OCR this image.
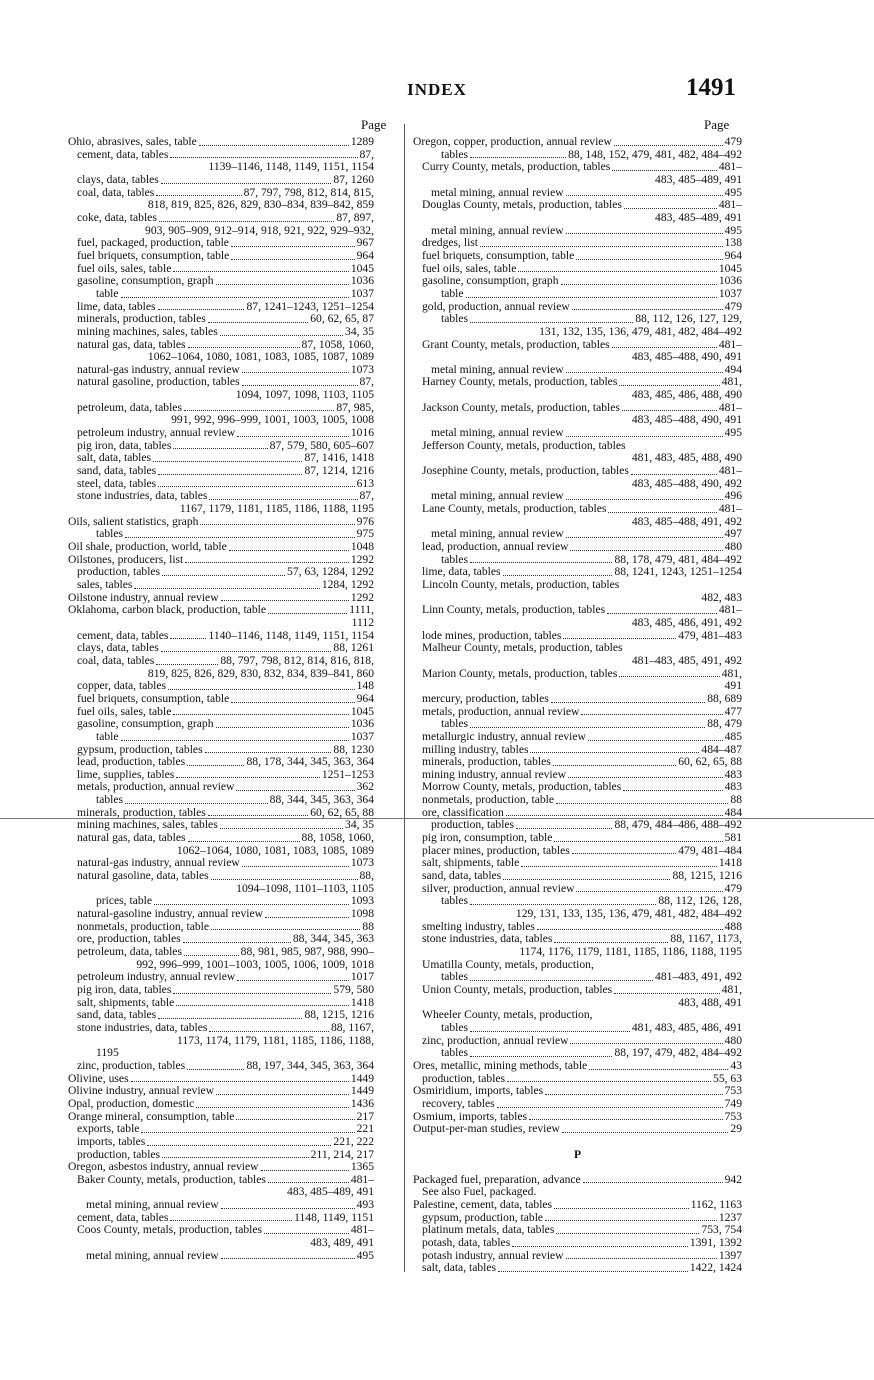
INDEX	1491
Page	Page
Ohio, abrasives, sales, table	1289
cement, data, tables	87,
1139–1146, 1148, 1149, 1151, 1154
clays, data, tables	87, 1260
coal, data, tables	87, 797, 798, 812, 814, 815,
818, 819, 825, 826, 829, 830–834, 839–842, 859
coke, data, tables	87, 897,
903, 905–909, 912–914, 918, 921, 922, 929–932,
fuel, packaged, production, table	967
fuel briquets, consumption, table	964
fuel oils, sales, table	1045
gasoline, consumption, graph	1036
table	1037
lime, data, tables	87, 1241–1243, 1251–1254
minerals, production, tables	60, 62, 65, 87
mining machines, sales, tables	34, 35
natural gas, data, tables	87, 1058, 1060,
1062–1064, 1080, 1081, 1083, 1085, 1087, 1089
natural-gas industry, annual review	1073
natural gasoline, production, tables	87,
1094, 1097, 1098, 1103, 1105
petroleum, data, tables	87, 985,
991, 992, 996–999, 1001, 1003, 1005, 1008
petroleum industry, annual review	1016
pig iron, data, tables	87, 579, 580, 605–607
salt, data, tables	87, 1416, 1418
sand, data, tables	87, 1214, 1216
steel, data, tables	613
stone industries, data, tables	87,
1167, 1179, 1181, 1185, 1186, 1188, 1195
Oils, salient statistics, graph	976
tables	975
Oil shale, production, world, table	1048
Oilstones, producers, list	1292
production, tables	57, 63, 1284, 1292
sales, tables	1284, 1292
Oilstone industry, annual review	1292
Oklahoma, carbon black, production, table	1111,
1112
cement, data, tables	1140–1146, 1148, 1149, 1151, 1154
clays, data, tables	88, 1261
coal, data, tables	88, 797, 798, 812, 814, 816, 818,
819, 825, 826, 829, 830, 832, 834, 839–841, 860
copper, data, tables	148
fuel briquets, consumption, table	964
fuel oils, sales, table	1045
gasoline, consumption, graph	1036
table	1037
gypsum, production, tables	88, 1230
lead, production, tables	88, 178, 344, 345, 363, 364
lime, supplies, tables	1251–1253
metals, production, annual review	362
tables	88, 344, 345, 363, 364
minerals, production, tables	60, 62, 65, 88
mining machines, sales, tables	34, 35
natural gas, data, tables	88, 1058, 1060,
1062–1064, 1080, 1081, 1083, 1085, 1089
natural-gas industry, annual review	1073
natural gasoline, data, tables	88,
1094–1098, 1101–1103, 1105
prices, table	1093
natural-gasoline industry, annual review	1098
nonmetals, production, table	88
ore, production, tables	88, 344, 345, 363
petroleum, data, tables	88, 981, 985, 987, 988, 990–
992, 996–999, 1001–1003, 1005, 1006, 1009, 1018
petroleum industry, annual review	1017
pig iron, data, tables	579, 580
salt, shipments, table	1418
sand, data, tables	88, 1215, 1216
stone industries, data, tables	88, 1167,
1173, 1174, 1179, 1181, 1185, 1186, 1188,
1195
zinc, production, tables	88, 197, 344, 345, 363, 364
Olivine, uses	1449
Olivine industry, annual review	1449
Opal, production, domestic	1436
Orange mineral, consumption, table	217
exports, table	221
imports, tables	221, 222
production, tables	211, 214, 217
Oregon, asbestos industry, annual review	1365
Baker County, metals, production, tables	481–
483, 485–489, 491
metal mining, annual review	493
cement, data, tables	1148, 1149, 1151
Coos County, metals, production, tables	481–
483, 489, 491
metal mining, annual review	495
Oregon, copper, production, annual review	479
tables	88, 148, 152, 479, 481, 482, 484–492
Curry County, metals, production, tables	481–
483, 485–489, 491
metal mining, annual review	495
Douglas County, metals, production, tables	481–
483, 485–489, 491
metal mining, annual review	495
dredges, list	138
fuel briquets, consumption, table	964
fuel oils, sales, table	1045
gasoline, consumption, graph	1036
table	1037
gold, production, annual review	479
tables	88, 112, 126, 127, 129,
131, 132, 135, 136, 479, 481, 482, 484–492
Grant County, metals, production, tables	481–
483, 485–488, 490, 491
metal mining, annual review	494
Harney County, metals, production, tables	481,
483, 485, 486, 488, 490
Jackson County, metals, production, tables	481–
483, 485–488, 490, 491
metal mining, annual review	495
Jefferson County, metals, production, tables
481, 483, 485, 488, 490
Josephine County, metals, production, tables	481–
483, 485–488, 490, 492
metal mining, annual review	496
Lane County, metals, production, tables	481–
483, 485–488, 491, 492
metal mining, annual review	497
lead, production, annual review	480
tables	88, 178, 479, 481, 484–492
lime, data, tables	88, 1241, 1243, 1251–1254
Lincoln County, metals, production, tables
482, 483
Linn County, metals, production, tables	481–
483, 485, 486, 491, 492
lode mines, production, tables	479, 481–483
Malheur County, metals, production, tables
481–483, 485, 491, 492
Marion County, metals, production, tables	481,
491
mercury, production, tables	88, 689
metals, production, annual review	477
tables	88, 479
metallurgic industry, annual review	485
milling industry, tables	484–487
minerals, production, tables	60, 62, 65, 88
mining industry, annual review	483
Morrow County, metals, production, tables	483
nonmetals, production, table	88
ore, classification	484
production, tables	88, 479, 484–486, 488–492
pig iron, consumption, table	581
placer mines, production, tables	479, 481–484
salt, shipments, table	1418
sand, data, tables	88, 1215, 1216
silver, production, annual review	479
tables	88, 112, 126, 128,
129, 131, 133, 135, 136, 479, 481, 482, 484–492
smelting industry, tables	488
stone industries, data, tables	88, 1167, 1173,
1174, 1176, 1179, 1181, 1185, 1186, 1188, 1195
Umatilla County, metals, production,
tables	481–483, 491, 492
Union County, metals, production, tables	481,
483, 488, 491
Wheeler County, metals, production,
tables	481, 483, 485, 486, 491
zinc, production, annual review	480
tables	88, 197, 479, 482, 484–492
Ores, metallic, mining methods, table	43
production, tables	55, 63
Osmiridium, imports, tables	753
recovery, tables	749
Osmium, imports, tables	753
Output-per-man studies, review	29
P
Packaged fuel, preparation, advance	942
See also Fuel, packaged.
Palestine, cement, data, tables	1162, 1163
gypsum, production, table	1237
platinum metals, data, tables	753, 754
potash, data, tables	1391, 1392
potash industry, annual review	1397
salt, data, tables	1422, 1424
